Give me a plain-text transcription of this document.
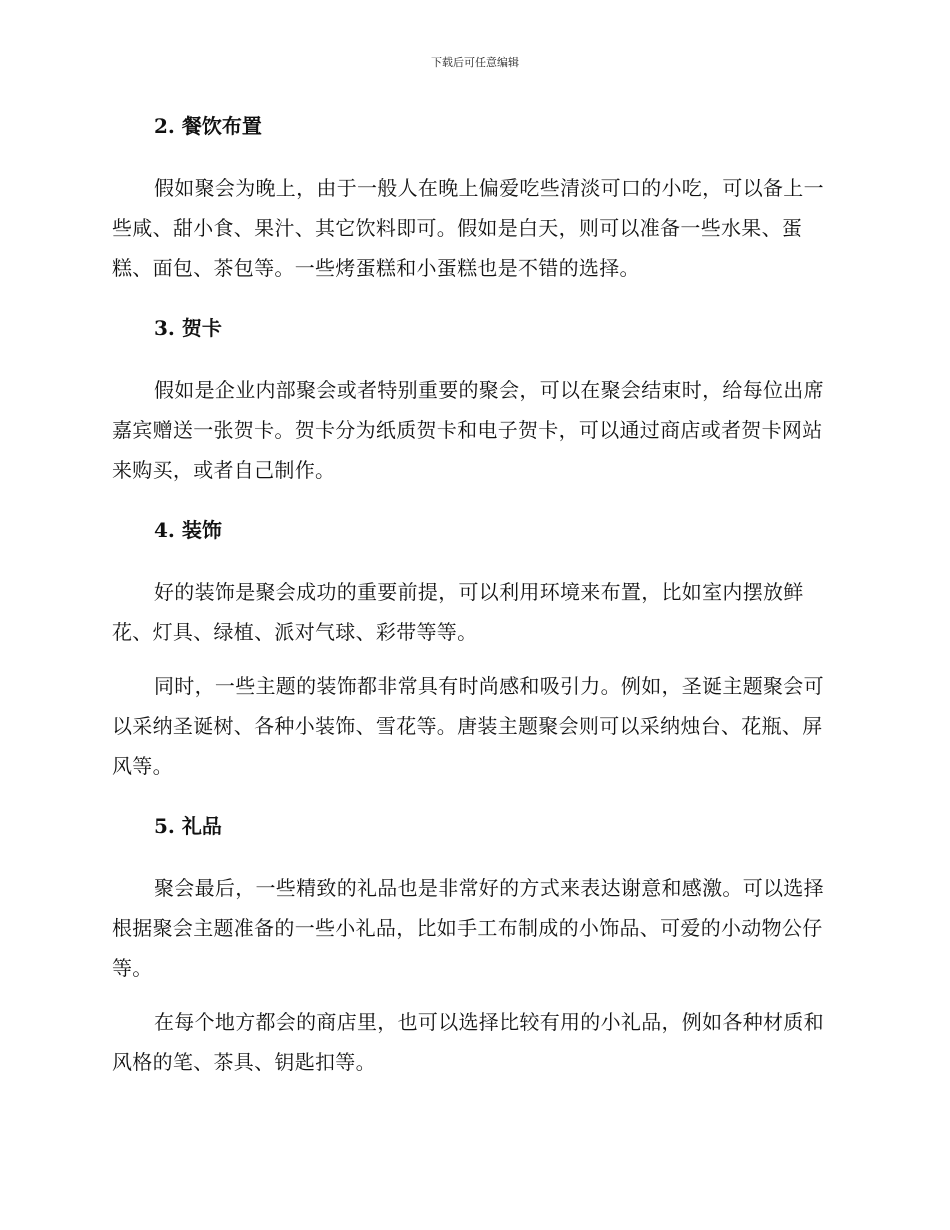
下载后可任意编辑
2. 餐饮布置

假如聚会为晚上，由于一般人在晚上偏爱吃些清淡可口的小吃，可以备上一些咸、甜小食、果汁、其它饮料即可。假如是白天，则可以准备一些水果、蛋糕、面包、茶包等。一些烤蛋糕和小蛋糕也是不错的选择。

3. 贺卡

假如是企业内部聚会或者特别重要的聚会，可以在聚会结束时，给每位出席嘉宾赠送一张贺卡。贺卡分为纸质贺卡和电子贺卡，可以通过商店或者贺卡网站来购买，或者自己制作。

4. 装饰

好的装饰是聚会成功的重要前提，可以利用环境来布置，比如室内摆放鲜花、灯具、绿植、派对气球、彩带等等。

同时，一些主题的装饰都非常具有时尚感和吸引力。例如，圣诞主题聚会可以采纳圣诞树、各种小装饰、雪花等。唐装主题聚会则可以采纳烛台、花瓶、屏风等。

5. 礼品

聚会最后，一些精致的礼品也是非常好的方式来表达谢意和感激。可以选择根据聚会主题准备的一些小礼品，比如手工布制成的小饰品、可爱的小动物公仔等。

在每个地方都会的商店里，也可以选择比较有用的小礼品，例如各种材质和风格的笔、茶具、钥匙扣等。
